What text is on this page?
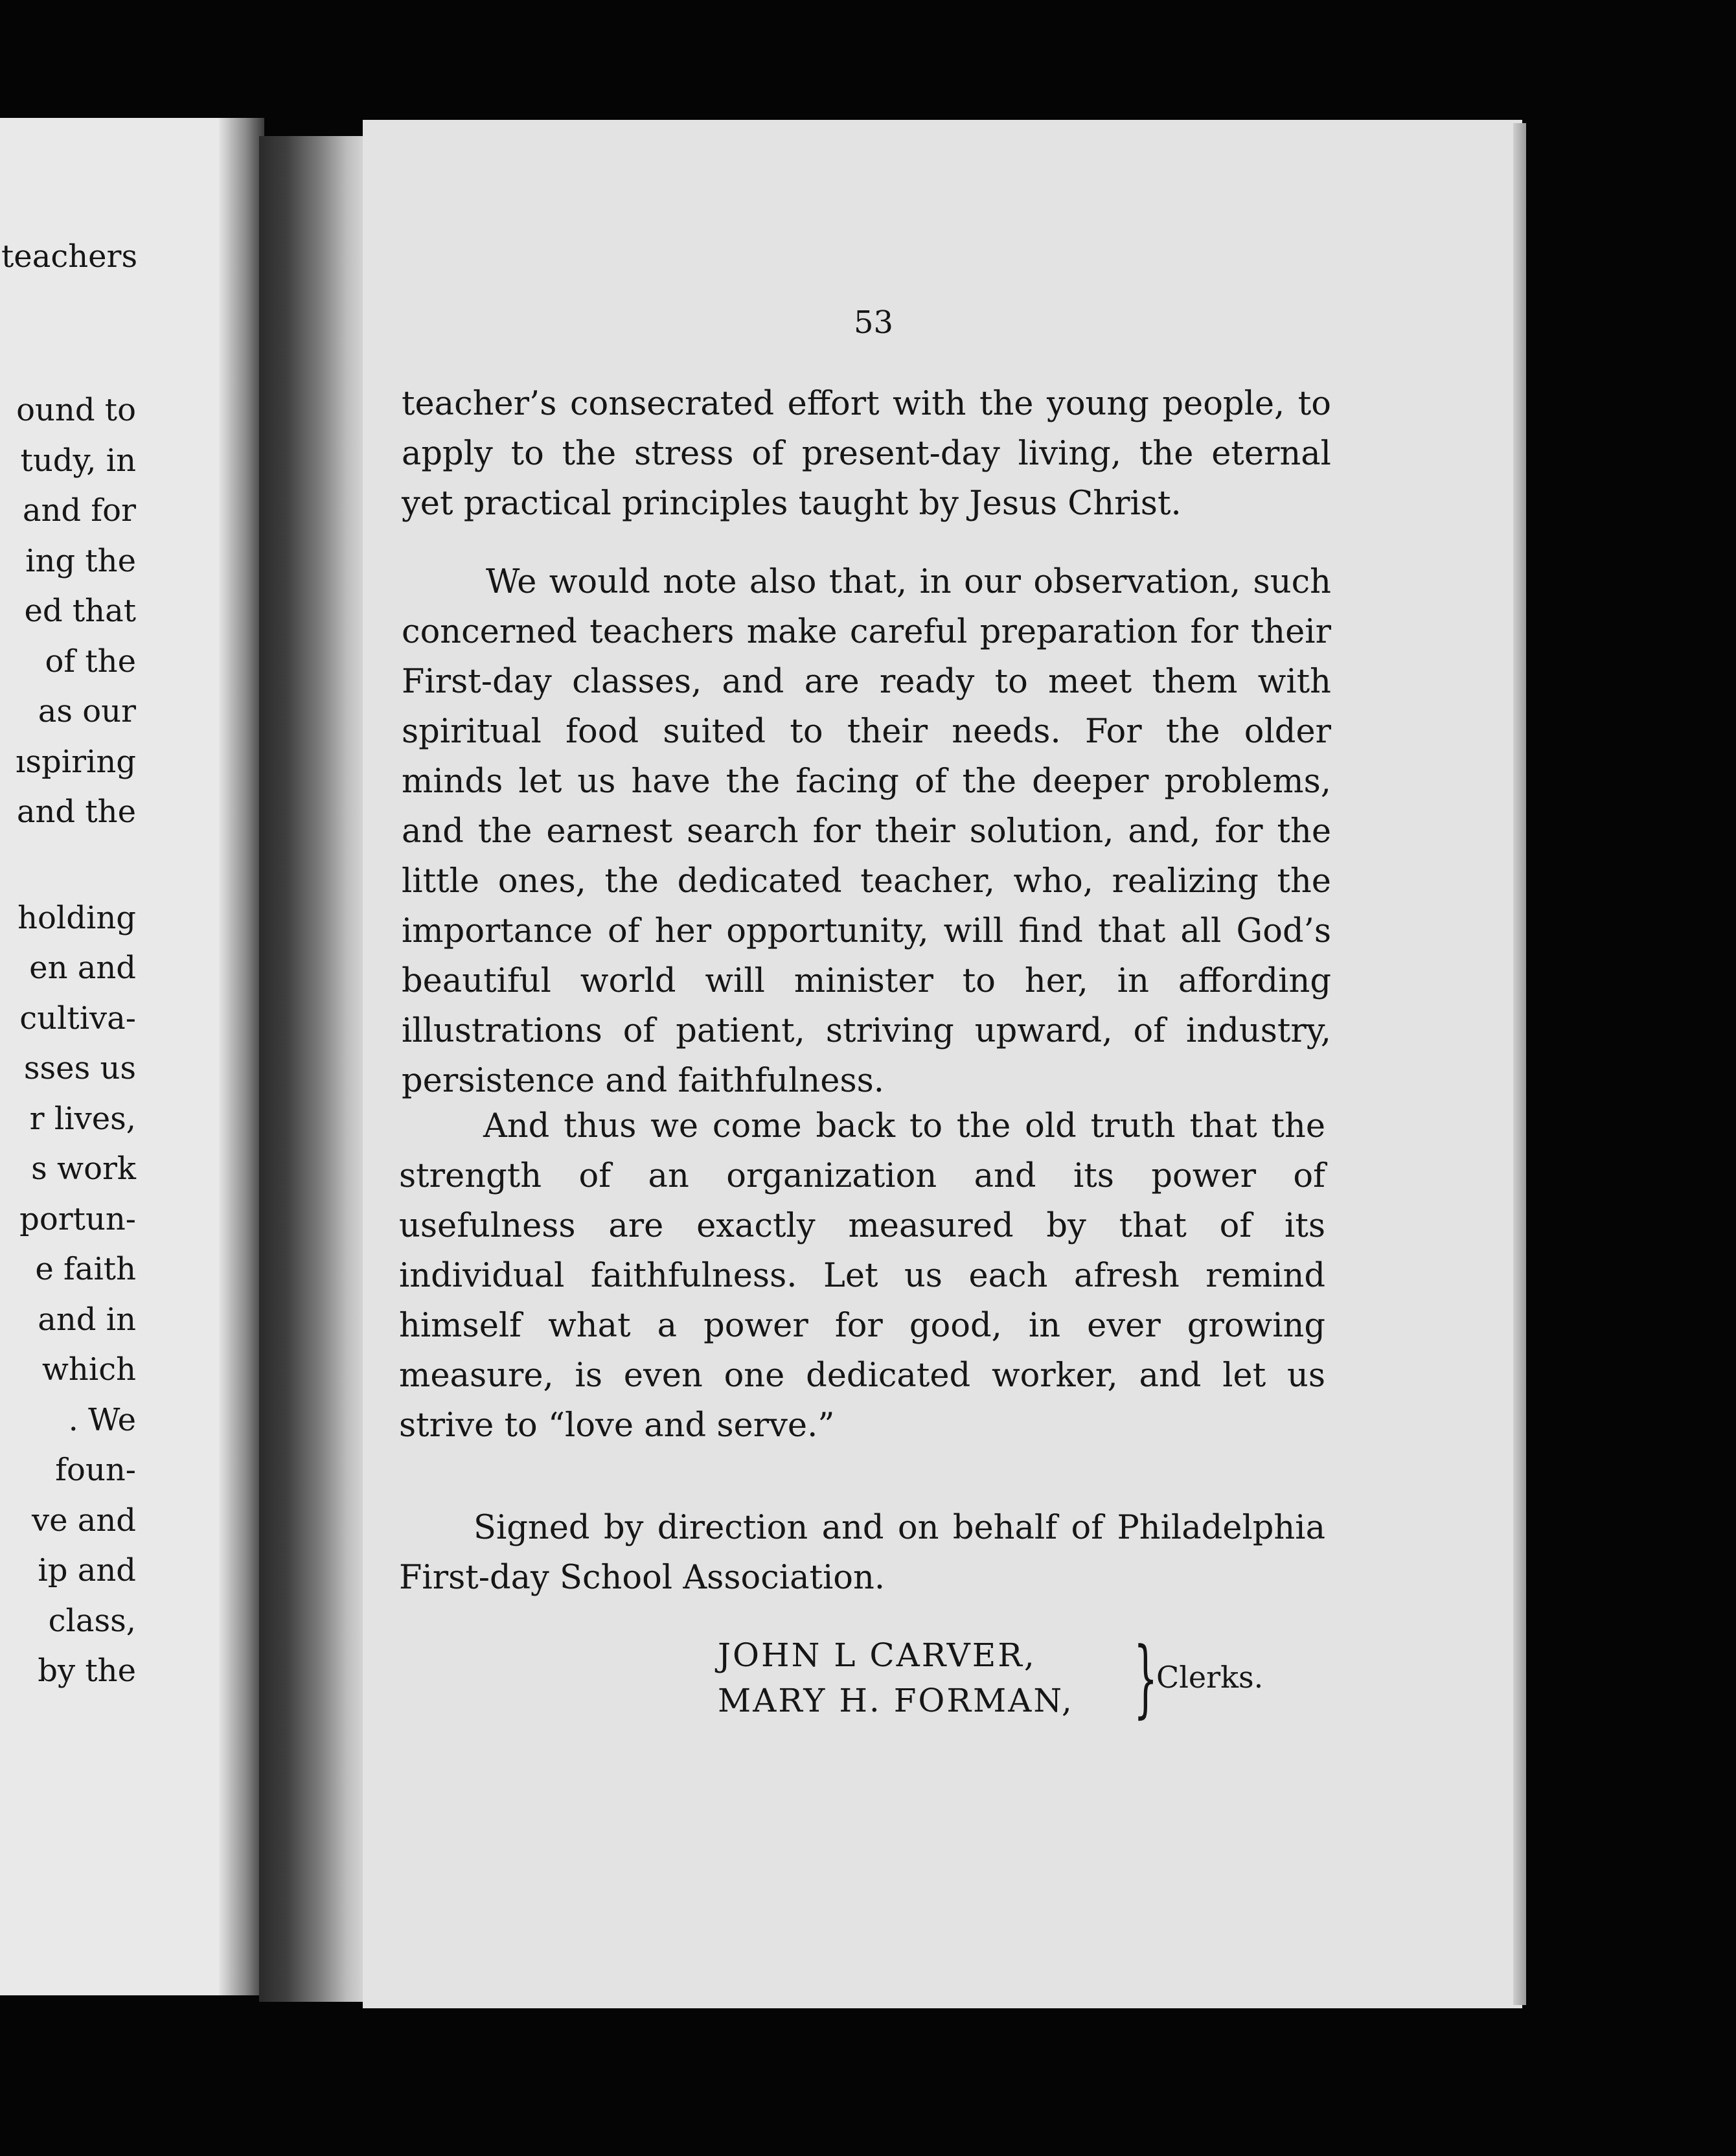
teachers
ound to
tudy, in
and for
ing the
ed that
of the
as our
ıspiring
and the
holding
en and
cultiva-
sses us
r lives,
s work
portun-
e faith
and in
which
. We
foun-
ve and
ip and
class,
by the
53

teacher’s consecrated effort with the young people, to apply to the stress of present-day living, the eternal yet practical principles taught by Jesus Christ.

We would note also that, in our observation, such concerned teachers make careful preparation for their First-day classes, and are ready to meet them with spiritual food suited to their needs. For the older minds let us have the facing of the deeper problems, and the earnest search for their solution, and, for the little ones, the dedicated teacher, who, realizing the importance of her opportunity, will find that all God’s beautiful world will minister to her, in affording illustrations of patient, striving upward, of industry, persistence and faithfulness.

And thus we come back to the old truth that the strength of an organization and its power of usefulness are exactly measured by that of its individual faithfulness. Let us each afresh remind himself what a power for good, in ever growing measure, is even one dedicated worker, and let us strive to “love and serve.”

Signed by direction and on behalf of Philadelphia First-day School Association.

JOHN L CARVER,
MARY H. FORMAN, }
Clerks.
